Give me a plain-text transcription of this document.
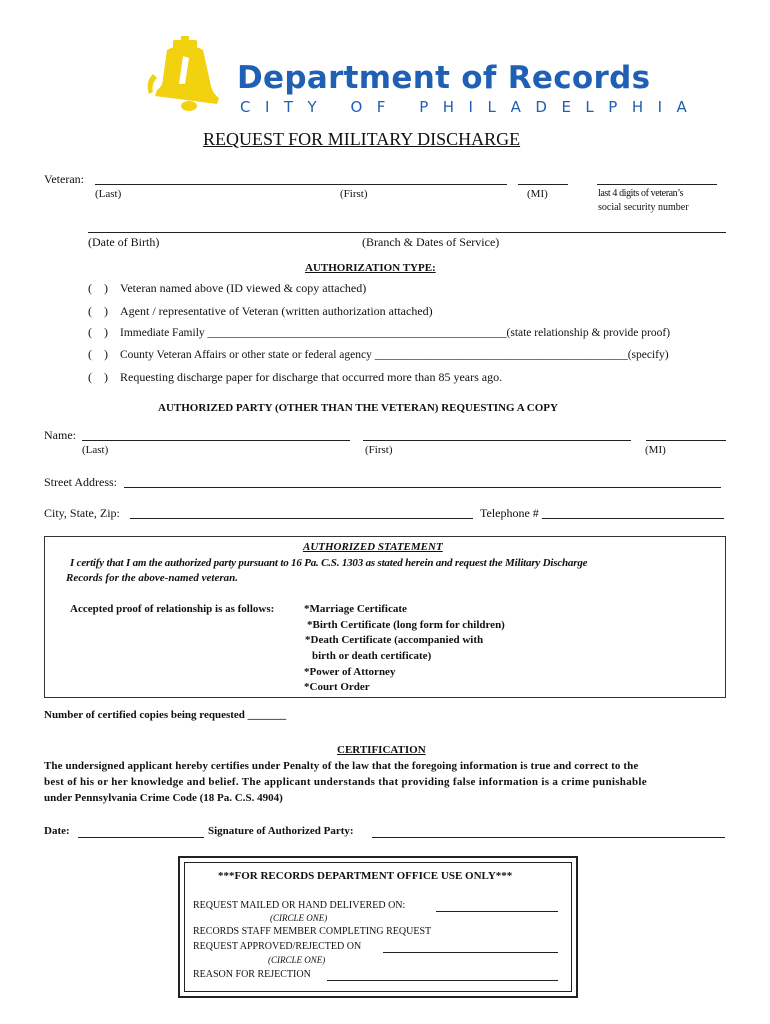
Department of Records
CITY OF PHILADELPHIA
REQUEST FOR MILITARY DISCHARGE
Veteran:
(Last)	(First)	(MI)	last 4 digits of veteran’s
social security number
(Date of Birth)	(Branch & Dates of Service)
AUTHORIZATION TYPE:
(    ) Veteran named above (ID viewed & copy attached)
(    ) Agent / representative of Veteran (written authorization attached)
(    ) Immediate Family ____________________________________________________(state relationship & provide proof)
(    ) County Veteran Affairs or other state or federal agency ____________________________________________(specify)
(    ) Requesting discharge paper for discharge that occurred more than 85 years ago.
AUTHORIZED PARTY (OTHER THAN THE VETERAN) REQUESTING A COPY
Name:
(Last)	(First)	(MI)
Street Address:
City, State, Zip:	Telephone #
AUTHORIZED STATEMENT
I certify that I am the authorized party pursuant to 16 Pa. C.S. 1303 as stated herein and request the Military Discharge
Records for the above-named veteran.
Accepted proof of relationship is as follows:	*Marriage Certificate
*Birth Certificate (long form for children)
*Death Certificate (accompanied with
birth or death certificate)
*Power of Attorney
*Court Order
Number of certified copies being requested _______
CERTIFICATION
The undersigned applicant hereby certifies under Penalty of the law that the foregoing information is true and correct to the
best of his or her knowledge and belief. The applicant understands that providing false information is a crime punishable
under Pennsylvania Crime Code (18 Pa. C.S. 4904)
Date:	Signature of Authorized Party:
***FOR RECORDS DEPARTMENT OFFICE USE ONLY***
REQUEST MAILED OR HAND DELIVERED ON:
(CIRCLE ONE)
RECORDS STAFF MEMBER COMPLETING REQUEST
REQUEST APPROVED/REJECTED ON
(CIRCLE ONE)
REASON FOR REJECTION
